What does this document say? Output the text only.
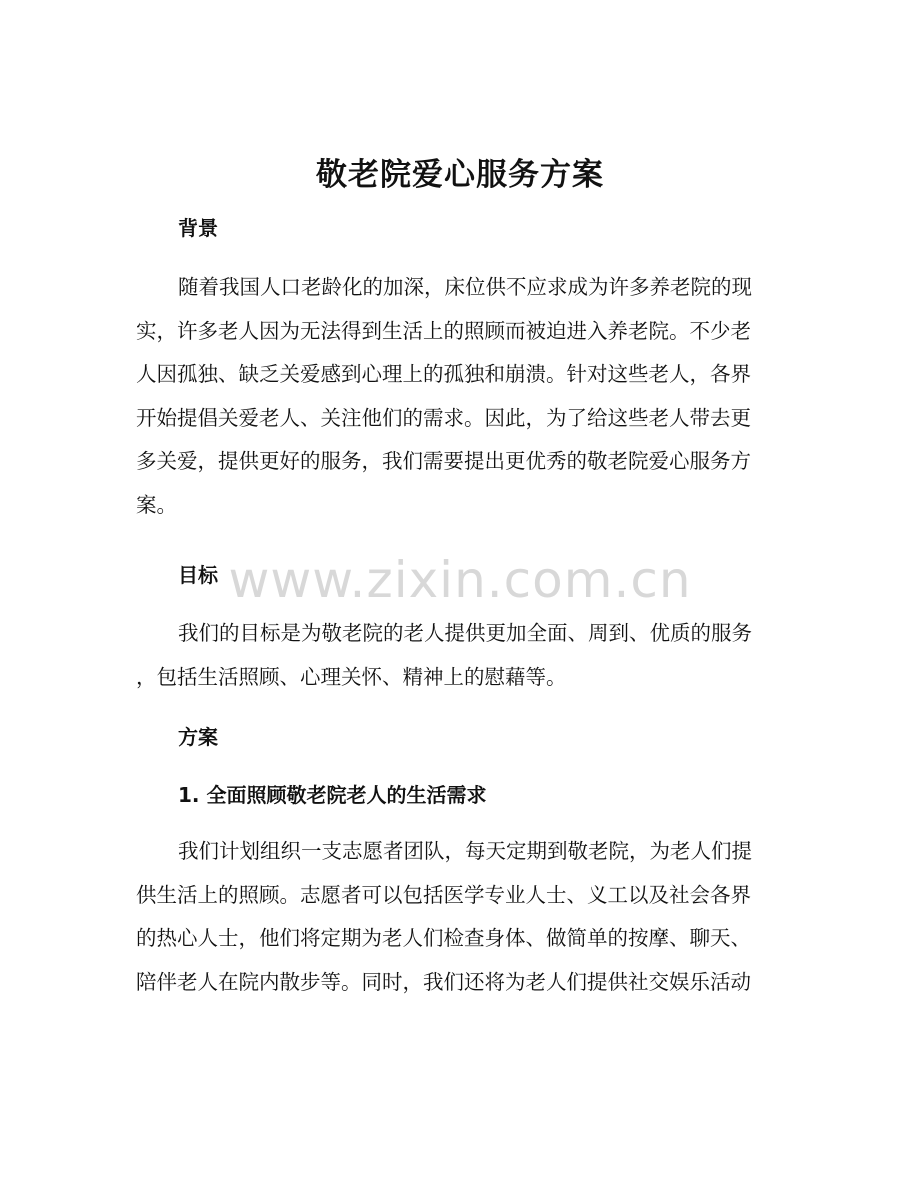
敬老院爱心服务方案
背景
随着我国人口老龄化的加深，床位供不应求成为许多养老院的现
实，许多老人因为无法得到生活上的照顾而被迫进入养老院。不少老
人因孤独、缺乏关爱感到心理上的孤独和崩溃。针对这些老人，各界
开始提倡关爱老人、关注他们的需求。因此，为了给这些老人带去更
多关爱，提供更好的服务，我们需要提出更优秀的敬老院爱心服务方
案。
目标
我们的目标是为敬老院的老人提供更加全面、周到、优质的服务
，包括生活照顾、心理关怀、精神上的慰藉等。
方案
1. 全面照顾敬老院老人的生活需求
我们计划组织一支志愿者团队，每天定期到敬老院，为老人们提
供生活上的照顾。志愿者可以包括医学专业人士、义工以及社会各界
的热心人士，他们将定期为老人们检查身体、做简单的按摩、聊天、
陪伴老人在院内散步等。同时，我们还将为老人们提供社交娱乐活动
www.zixin.com.cn
